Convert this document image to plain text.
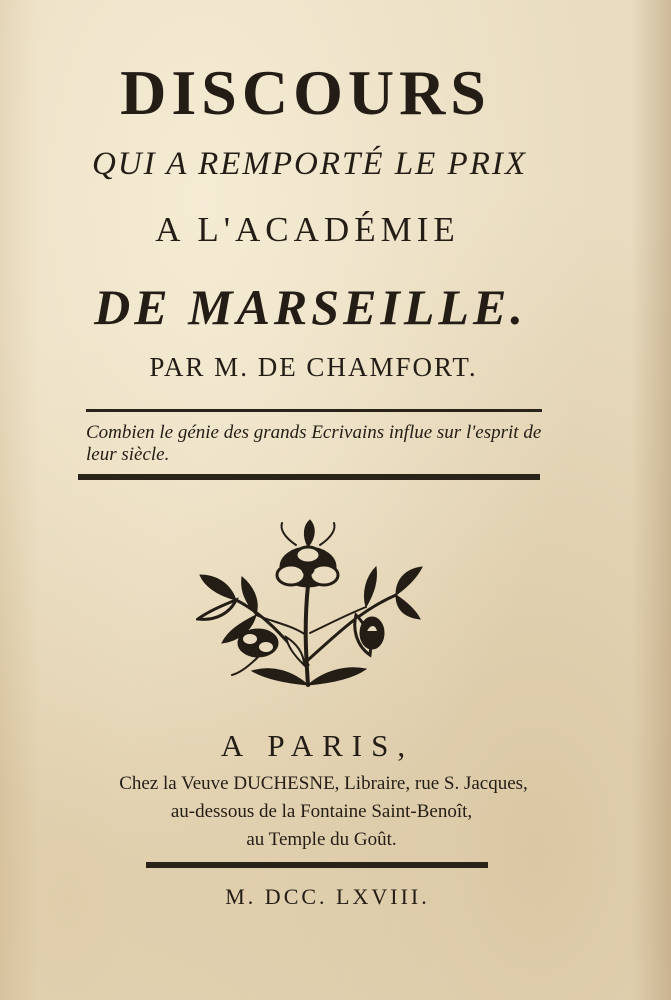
DISCOURS
QUI A REMPORTÉ LE PRIX
A L'ACADÉMIE
DE MARSEILLE.
PAR M. DE CHAMFORT.
Combien le génie des grands Ecrivains influe sur l'esprit de leur siècle.
A PARIS,
Chez la Veuve DUCHESNE, Libraire, rue S. Jacques,
au-dessous de la Fontaine Saint-Benoît,
au Temple du Goût.
M. DCC. LXVIII.
